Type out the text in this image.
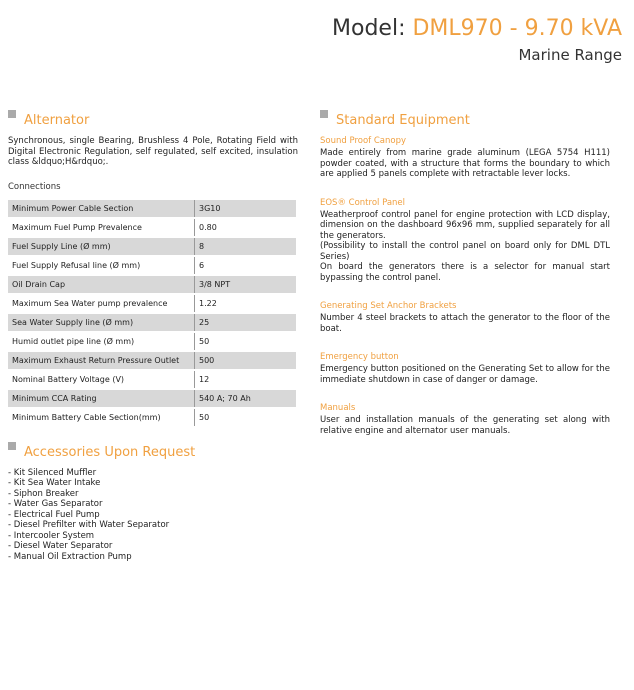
Model: DML970 - 9.70 kVA
Marine Range
Alternator
Synchronous, single Bearing, Brushless 4 Pole, Rotating Field with Digital Electronic Regulation, self regulated, self excited, insulation class &ldquo;H&rdquo;.
Connections
Minimum Power Cable Section	3G10
Maximum Fuel Pump Prevalence	0.80
Fuel Supply Line (Ø mm)	8
Fuel Supply Refusal line (Ø mm)	6
Oil Drain Cap	3/8 NPT
Maximum Sea Water pump prevalence	1.22
Sea Water Supply line (Ø mm)	25
Humid outlet pipe line (Ø mm)	50
Maximum Exhaust Return Pressure Outlet	500
Nominal Battery Voltage (V)	12
Minimum CCA Rating	540 A; 70 Ah
Minimum Battery Cable Section(mm)	50
Accessories Upon Request
- Kit Silenced Muffler
- Kit Sea Water Intake
- Siphon Breaker
- Water Gas Separator
- Electrical Fuel Pump
- Diesel Prefilter with Water Separator
- Intercooler System
- Diesel Water Separator
- Manual Oil Extraction Pump
Standard Equipment
Sound Proof Canopy
Made entirely from marine grade aluminum (LEGA 5754 H111) powder coated, with a structure that forms the boundary to which are applied 5 panels complete with retractable lever locks.
EOS® Control Panel
Weatherproof control panel for engine protection with LCD display, dimension on the dashboard 96x96 mm, supplied separately for all the generators.
(Possibility to install the control panel on board only for DML DTL Series)
On board the generators there is a selector for manual start bypassing the control panel.
Generating Set Anchor Brackets
Number 4 steel brackets to attach the generator to the floor of the boat.
Emergency button
Emergency button positioned on the Generating Set to allow for the immediate shutdown in case of danger or damage.
Manuals
User and installation manuals of the generating set along with relative engine and alternator user manuals.
